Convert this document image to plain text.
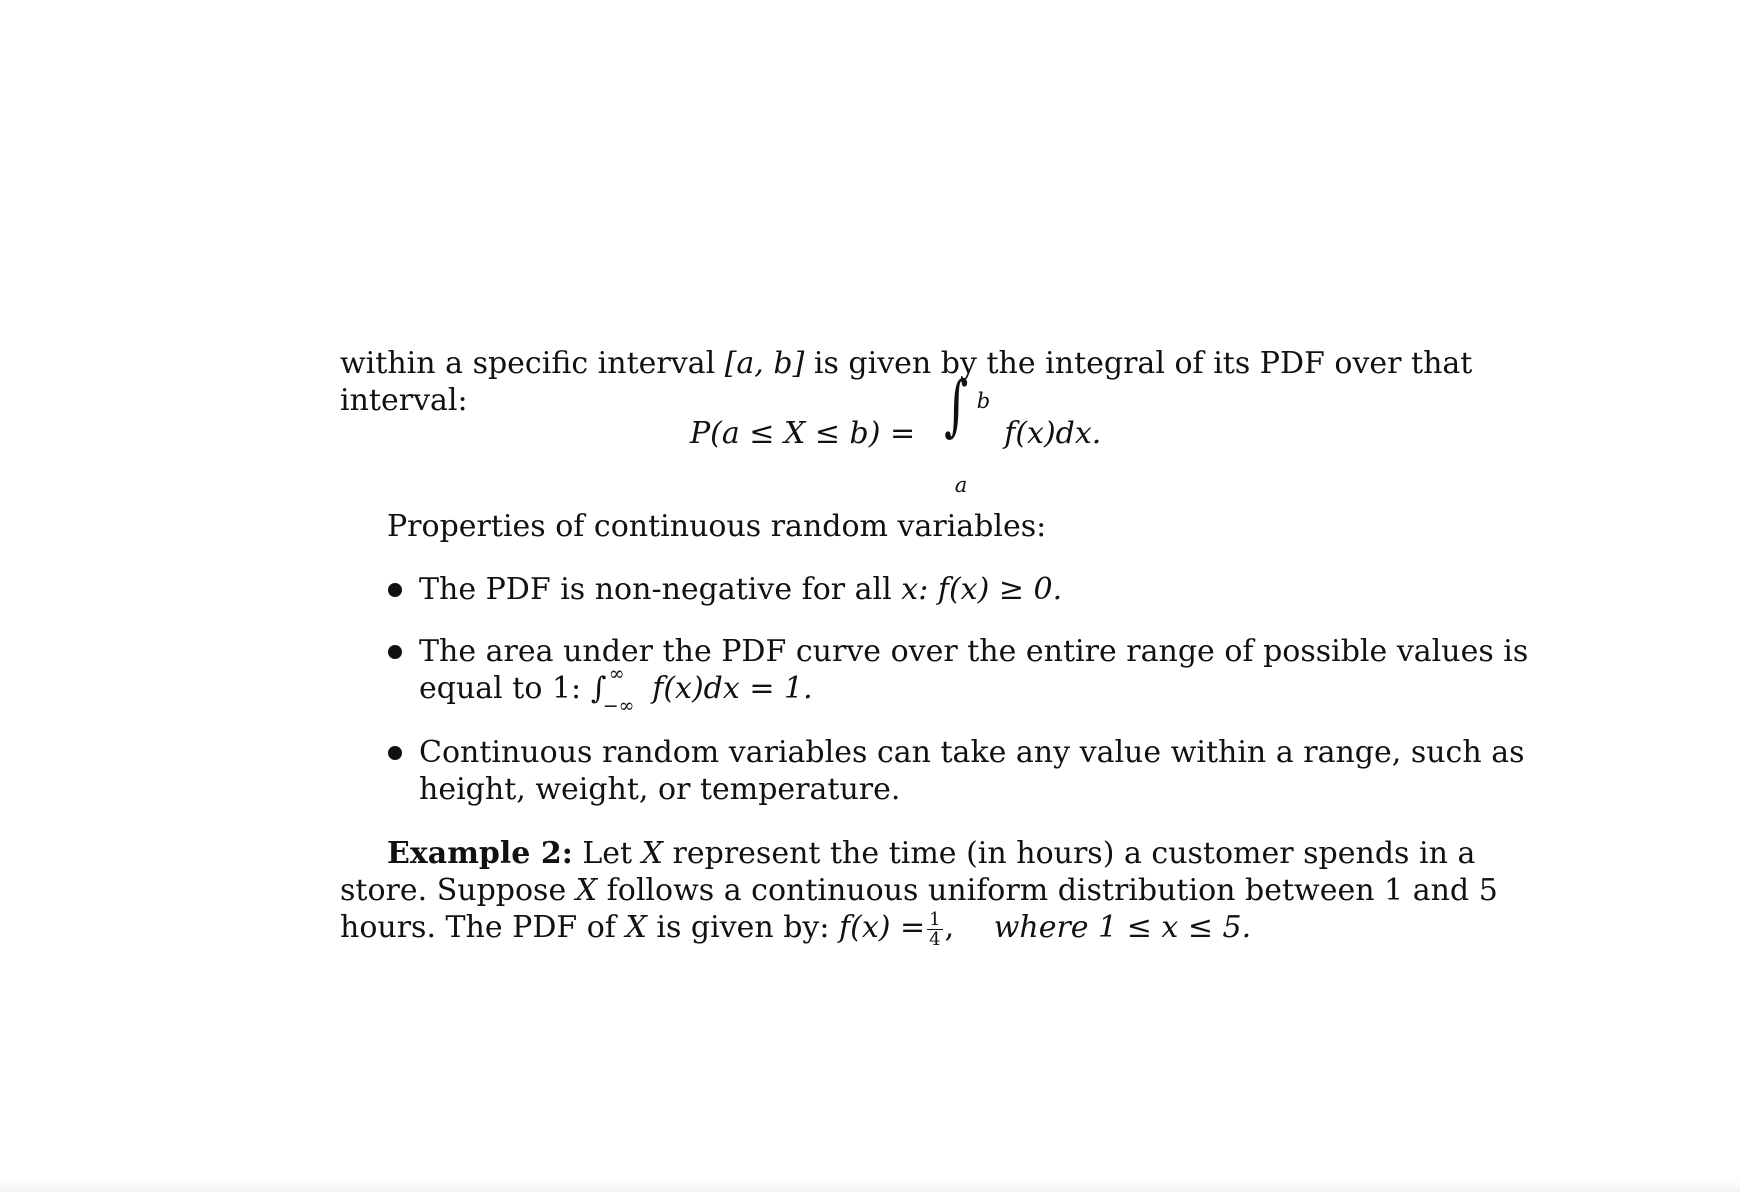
within a specific interval [a, b] is given by the integral of its PDF over that
interval:
P(a ≤ X ≤ b) = ∫ b
a
f(x)dx.
Properties of continuous random variables:
The PDF is non-negative for all x: f(x) ≥ 0.
The area under the PDF curve over the entire range of possible values is
equal to 1: ∫ ∞
−∞ f(x)dx = 1.
Continuous random variables can take any value within a range, such as
height, weight, or temperature.
Example 2: Let X represent the time (in hours) a customer spends in a
store. Suppose X follows a continuous uniform distribution between 1 and 5
hours. The PDF of X is given by: $f(x) = \frac{1}{4}$ , where 1 ≤ x ≤ 5.
